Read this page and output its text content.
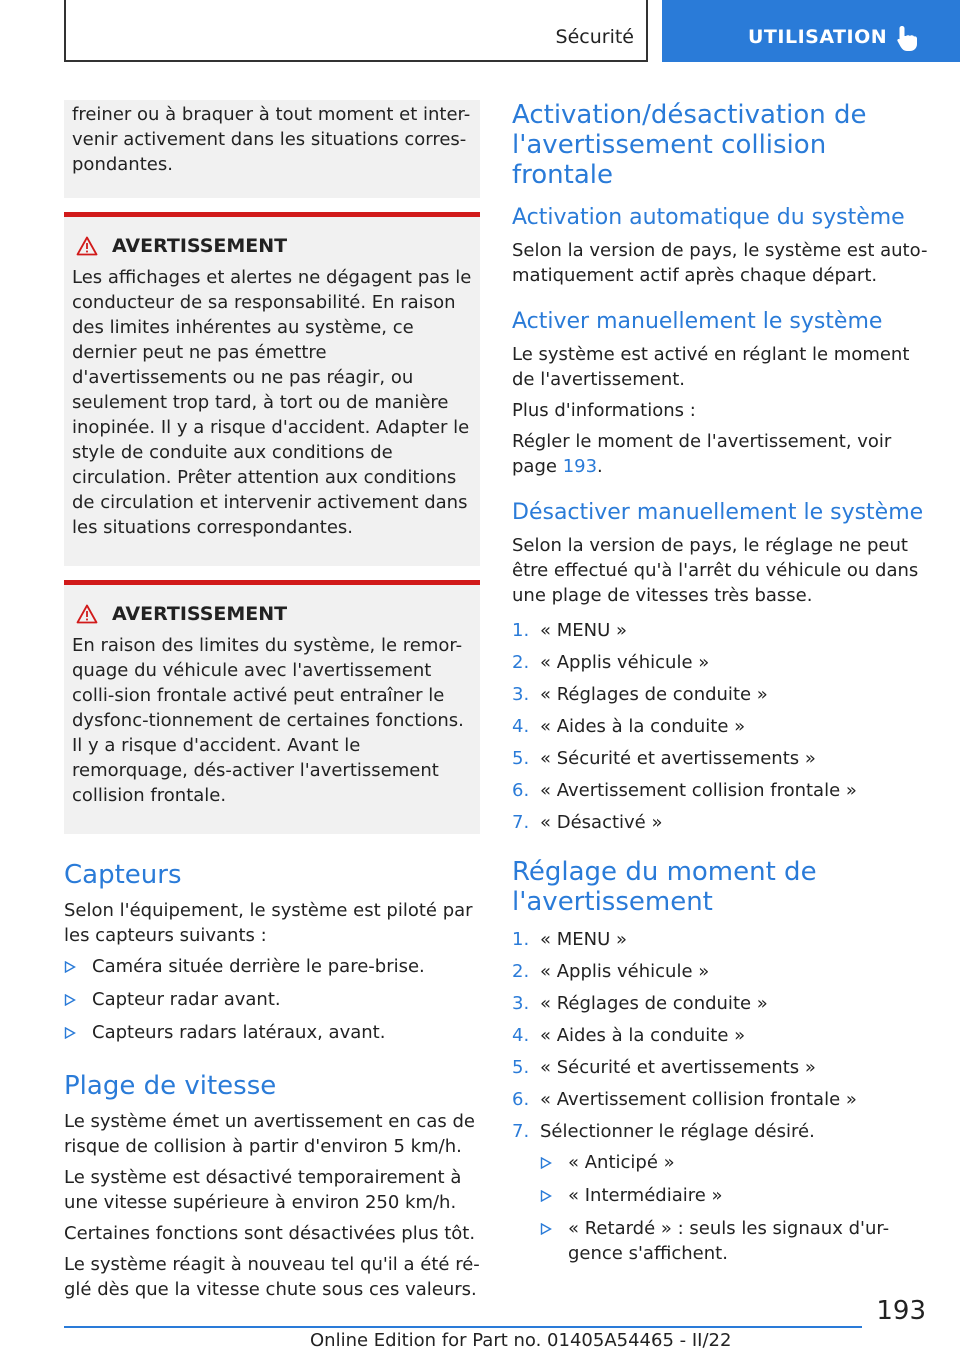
Sécurité	UTILISATION

freiner ou à braquer à tout moment et inter-venir activement dans les situations corres-pondantes.

AVERTISSEMENT

Les affichages et alertes ne dégagent pas le conducteur de sa responsabilité. En raison des limites inhérentes au système, ce dernier peut ne pas émettre d'avertissements ou ne pas réagir, ou seulement trop tard, à tort ou de manière inopinée. Il y a risque d'accident. Adapter le style de conduite aux conditions de circulation. Prêter attention aux conditions de circulation et intervenir activement dans les situations correspondantes.

AVERTISSEMENT

En raison des limites du système, le remor-quage du véhicule avec l'avertissement colli-sion frontale activé peut entraîner le dysfonc-tionnement de certaines fonctions. Il y a risque d'accident. Avant le remorquage, dés-activer l'avertissement collision frontale.

Capteurs

Selon l'équipement, le système est piloté par les capteurs suivants :

Caméra située derrière le pare-brise.
Capteur radar avant.
Capteurs radars latéraux, avant.
Plage de vitesse

Le système émet un avertissement en cas de risque de collision à partir d'environ 5 km/h.

Le système est désactivé temporairement à une vitesse supérieure à environ 250 km/h.

Certaines fonctions sont désactivées plus tôt.

Le système réagit à nouveau tel qu'il a été ré-glé dès que la vitesse chute sous ces valeurs.

Activation/désactivation de l'avertissement collision frontale
Activation automatique du système

Selon la version de pays, le système est auto-matiquement actif après chaque départ.

Activer manuellement le système

Le système est activé en réglant le moment de l'avertissement.

Plus d'informations :

Régler le moment de l'avertissement, voir page 193.

Désactiver manuellement le système

Selon la version de pays, le réglage ne peut être effectué qu'à l'arrêt du véhicule ou dans une plage de vitesses très basse.

1. « MENU »
2. « Applis véhicule »
3. « Réglages de conduite »
4. « Aides à la conduite »
5. « Sécurité et avertissements »
6. « Avertissement collision frontale »
7. « Désactivé »
Réglage du moment de l'avertissement
1. « MENU »
2. « Applis véhicule »
3. « Réglages de conduite »
4. « Aides à la conduite »
5. « Sécurité et avertissements »
6. « Avertissement collision frontale »
7. Sélectionner le réglage désiré.
« Anticipé »
« Intermédiaire »
« Retardé » : seuls les signaux d'ur-gence s'affichent.
193
Online Edition for Part no. 01405A54465 - II/22
